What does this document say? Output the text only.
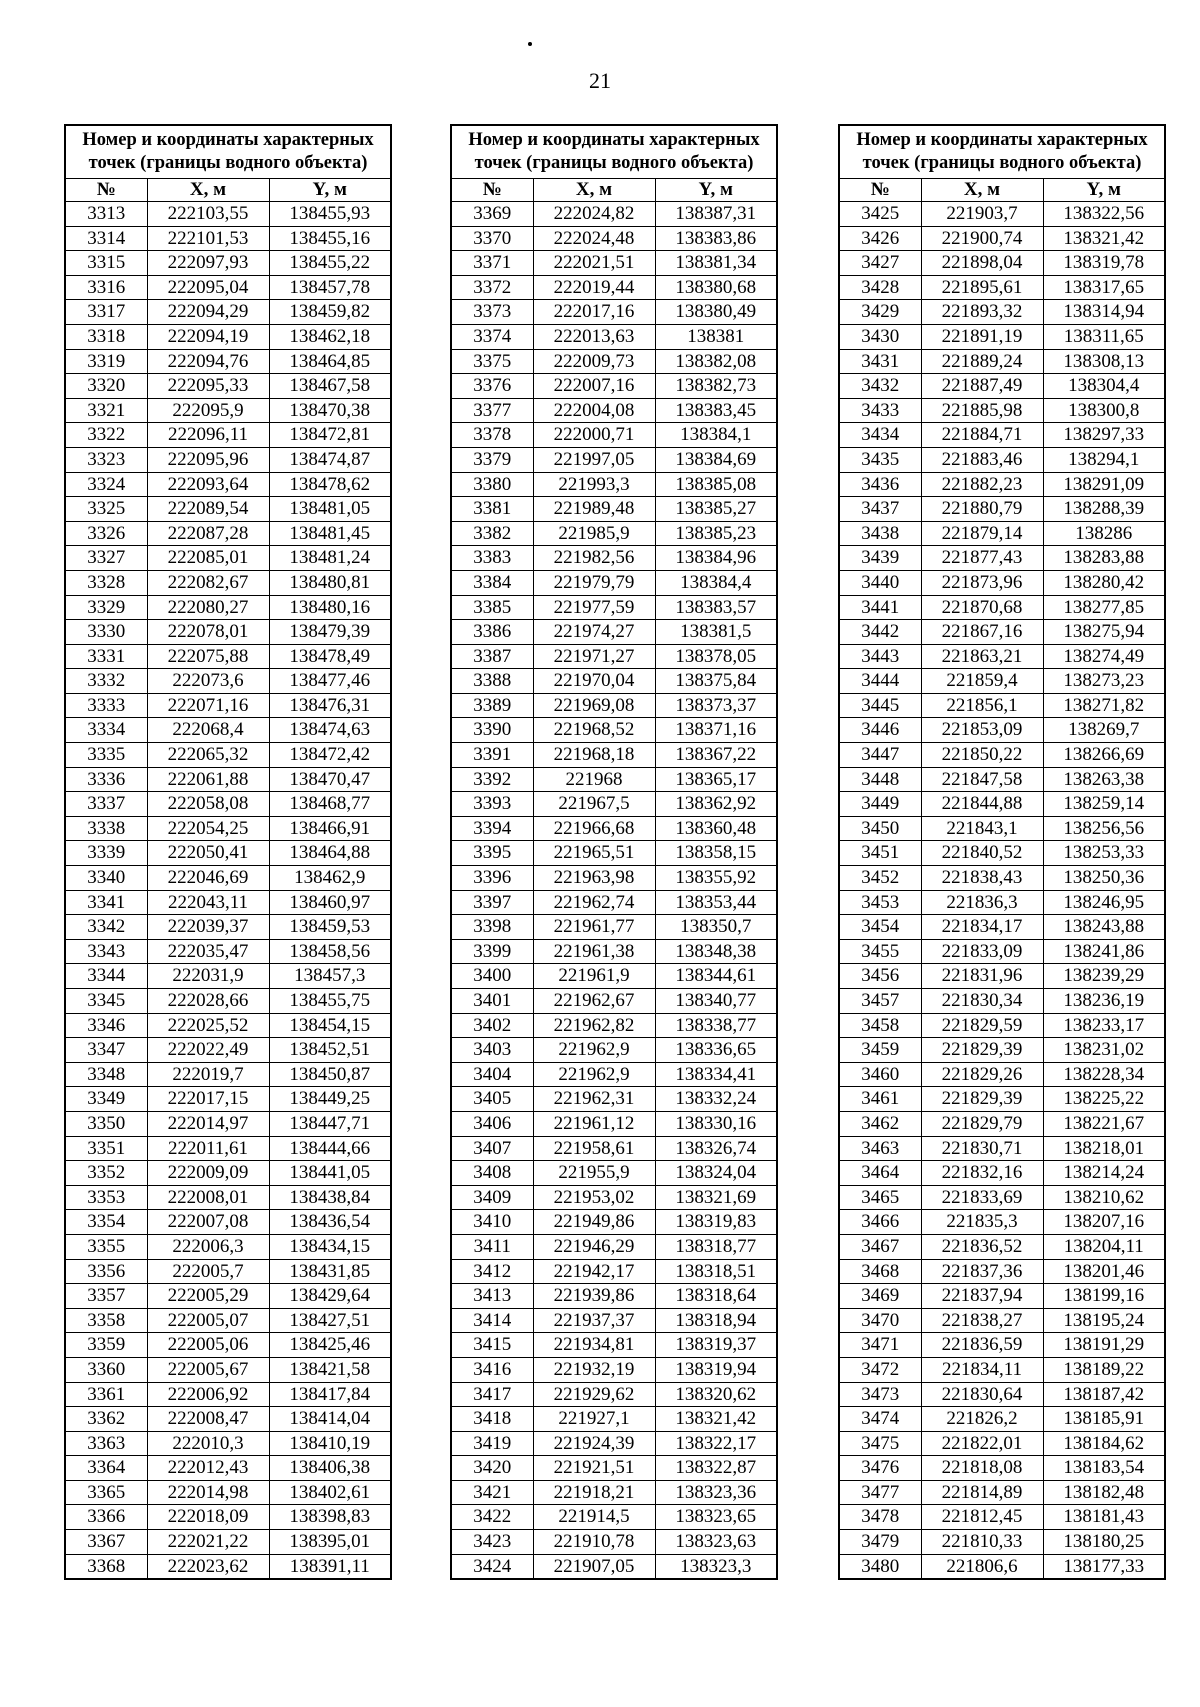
21
Номер и координаты характерных точек (границы водного объекта)		
№	X, м	Y, м
3313	222103,55	138455,93
3314	222101,53	138455,16
3315	222097,93	138455,22
3316	222095,04	138457,78
3317	222094,29	138459,82
3318	222094,19	138462,18
3319	222094,76	138464,85
3320	222095,33	138467,58
3321	222095,9	138470,38
3322	222096,11	138472,81
3323	222095,96	138474,87
3324	222093,64	138478,62
3325	222089,54	138481,05
3326	222087,28	138481,45
3327	222085,01	138481,24
3328	222082,67	138480,81
3329	222080,27	138480,16
3330	222078,01	138479,39
3331	222075,88	138478,49
3332	222073,6	138477,46
3333	222071,16	138476,31
3334	222068,4	138474,63
3335	222065,32	138472,42
3336	222061,88	138470,47
3337	222058,08	138468,77
3338	222054,25	138466,91
3339	222050,41	138464,88
3340	222046,69	138462,9
3341	222043,11	138460,97
3342	222039,37	138459,53
3343	222035,47	138458,56
3344	222031,9	138457,3
3345	222028,66	138455,75
3346	222025,52	138454,15
3347	222022,49	138452,51
3348	222019,7	138450,87
3349	222017,15	138449,25
3350	222014,97	138447,71
3351	222011,61	138444,66
3352	222009,09	138441,05
3353	222008,01	138438,84
3354	222007,08	138436,54
3355	222006,3	138434,15
3356	222005,7	138431,85
3357	222005,29	138429,64
3358	222005,07	138427,51
3359	222005,06	138425,46
3360	222005,67	138421,58
3361	222006,92	138417,84
3362	222008,47	138414,04
3363	222010,3	138410,19
3364	222012,43	138406,38
3365	222014,98	138402,61
3366	222018,09	138398,83
3367	222021,22	138395,01
3368	222023,62	138391,11
Номер и координаты характерных точек (границы водного объекта)		
№	X, м	Y, м
3369	222024,82	138387,31
3370	222024,48	138383,86
3371	222021,51	138381,34
3372	222019,44	138380,68
3373	222017,16	138380,49
3374	222013,63	138381
3375	222009,73	138382,08
3376	222007,16	138382,73
3377	222004,08	138383,45
3378	222000,71	138384,1
3379	221997,05	138384,69
3380	221993,3	138385,08
3381	221989,48	138385,27
3382	221985,9	138385,23
3383	221982,56	138384,96
3384	221979,79	138384,4
3385	221977,59	138383,57
3386	221974,27	138381,5
3387	221971,27	138378,05
3388	221970,04	138375,84
3389	221969,08	138373,37
3390	221968,52	138371,16
3391	221968,18	138367,22
3392	221968	138365,17
3393	221967,5	138362,92
3394	221966,68	138360,48
3395	221965,51	138358,15
3396	221963,98	138355,92
3397	221962,74	138353,44
3398	221961,77	138350,7
3399	221961,38	138348,38
3400	221961,9	138344,61
3401	221962,67	138340,77
3402	221962,82	138338,77
3403	221962,9	138336,65
3404	221962,9	138334,41
3405	221962,31	138332,24
3406	221961,12	138330,16
3407	221958,61	138326,74
3408	221955,9	138324,04
3409	221953,02	138321,69
3410	221949,86	138319,83
3411	221946,29	138318,77
3412	221942,17	138318,51
3413	221939,86	138318,64
3414	221937,37	138318,94
3415	221934,81	138319,37
3416	221932,19	138319,94
3417	221929,62	138320,62
3418	221927,1	138321,42
3419	221924,39	138322,17
3420	221921,51	138322,87
3421	221918,21	138323,36
3422	221914,5	138323,65
3423	221910,78	138323,63
3424	221907,05	138323,3
Номер и координаты характерных точек (границы водного объекта)		
№	X, м	Y, м
3425	221903,7	138322,56
3426	221900,74	138321,42
3427	221898,04	138319,78
3428	221895,61	138317,65
3429	221893,32	138314,94
3430	221891,19	138311,65
3431	221889,24	138308,13
3432	221887,49	138304,4
3433	221885,98	138300,8
3434	221884,71	138297,33
3435	221883,46	138294,1
3436	221882,23	138291,09
3437	221880,79	138288,39
3438	221879,14	138286
3439	221877,43	138283,88
3440	221873,96	138280,42
3441	221870,68	138277,85
3442	221867,16	138275,94
3443	221863,21	138274,49
3444	221859,4	138273,23
3445	221856,1	138271,82
3446	221853,09	138269,7
3447	221850,22	138266,69
3448	221847,58	138263,38
3449	221844,88	138259,14
3450	221843,1	138256,56
3451	221840,52	138253,33
3452	221838,43	138250,36
3453	221836,3	138246,95
3454	221834,17	138243,88
3455	221833,09	138241,86
3456	221831,96	138239,29
3457	221830,34	138236,19
3458	221829,59	138233,17
3459	221829,39	138231,02
3460	221829,26	138228,34
3461	221829,39	138225,22
3462	221829,79	138221,67
3463	221830,71	138218,01
3464	221832,16	138214,24
3465	221833,69	138210,62
3466	221835,3	138207,16
3467	221836,52	138204,11
3468	221837,36	138201,46
3469	221837,94	138199,16
3470	221838,27	138195,24
3471	221836,59	138191,29
3472	221834,11	138189,22
3473	221830,64	138187,42
3474	221826,2	138185,91
3475	221822,01	138184,62
3476	221818,08	138183,54
3477	221814,89	138182,48
3478	221812,45	138181,43
3479	221810,33	138180,25
3480	221806,6	138177,33
